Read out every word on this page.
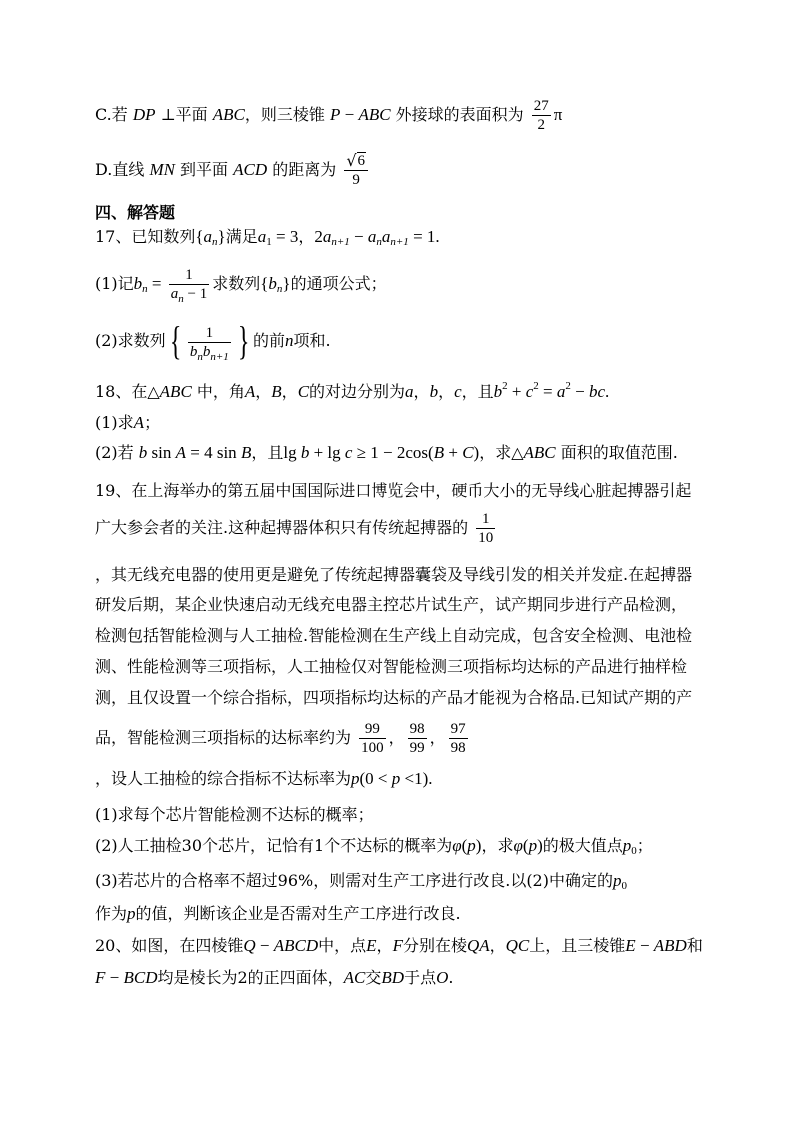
C.若 DP ⊥平面 ABC ，则三棱锥 P − ABC 外接球的表面积为 $\frac{27}{2}$ π
D.直线 MN 到平面 ACD 的距离为 $\frac{√ 6}{9}$
四、解答题
17、已知数列 { a n } 满足 a 1 = 3 ， 2 a n+1 − a n a n+1 = 1.
(1)记 b $n = \frac{1}{\text{a n − 1}}$ 求数列 { b n } 的通项公式；
(2)求数列 { $\frac{1}{\text{b n b n+1}}$ } 的前 n 项和.
18、在△ ABC 中，角 A ， B ， C 的对边分别为 a ， b ， c ，且 b 2 + c 2 = a 2 − bc .
(1)求 A ；
(2)若 b sin A = 4 sin B ，且 lg b + lg c ≥ 1 − 2cos ( B + C ) ，求△ ABC 面积的取值范围.
19、在上海举办的第五届中国国际进口博览会中，硬币大小的无导线心脏起搏器引起
广大参会者的关注.这种起搏器体积只有传统起搏器的 $\frac{1}{10}$
，其无线充电器的使用更是避免了传统起搏器囊袋及导线引发的相关并发症.在起搏器
研发后期，某企业快速启动无线充电器主控芯片试生产，试产期同步进行产品检测，
检测包括智能检测与人工抽检.智能检测在生产线上自动完成，包含安全检测、电池检
测、性能检测等三项指标，人工抽检仅对智能检测三项指标均达标的产品进行抽样检
测，且仅设置一个综合指标，四项指标均达标的产品才能视为合格品.已知试产期的产
品，智能检测三项指标的达标率约为 $\frac{99}{100}$ ， $\frac{98}{99}$ ， $\frac{97}{98}$
，设人工抽检的综合指标不达标率为 p (0 < p <1).
(1)求每个芯片智能检测不达标的概率；
(2)人工抽检30个芯片，记恰有1个不达标的概率为 φ ( p ) ，求 φ ( p ) 的极大值点 p 0 ；
(3)若芯片的合格率不超过96%，则需对生产工序进行改良.以(2)中确定的 p 0
作为 p 的值，判断该企业是否需对生产工序进行改良.
20、如图，在四棱锥 Q − ABCD 中，点 E ， F 分别在棱 QA ， QC 上，且三棱锥 E − ABD 和
F − BCD 均是棱长为2的正四面体， AC 交 BD 于点 O .
